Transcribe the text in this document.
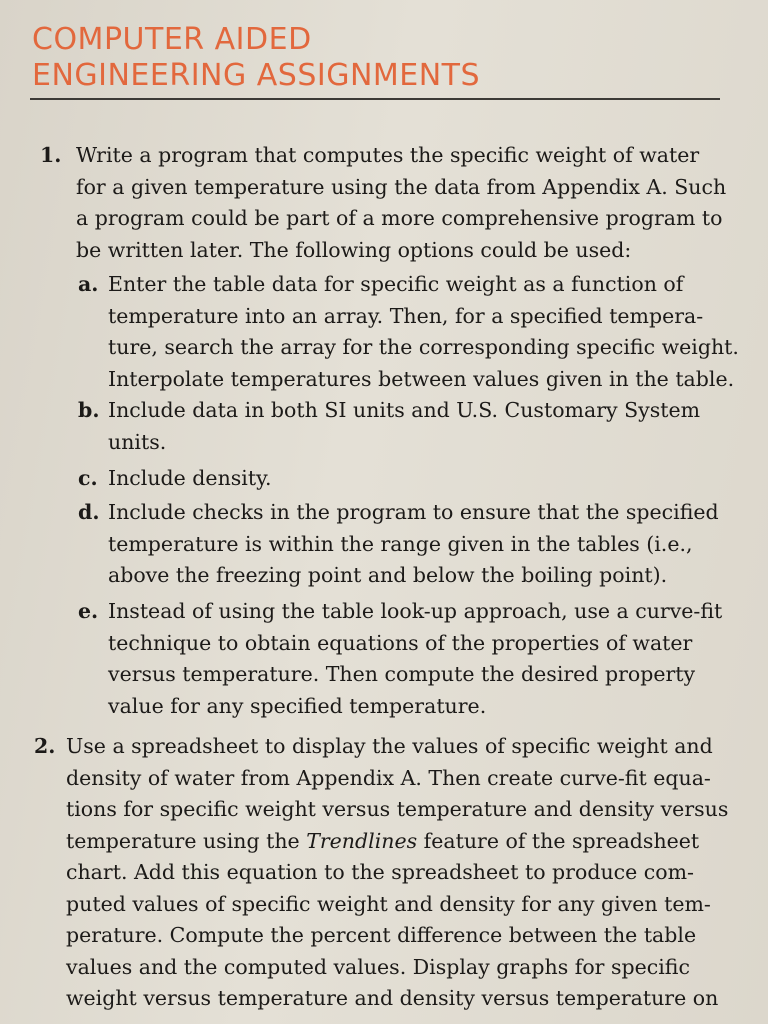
COMPUTER AIDED
ENGINEERING ASSIGNMENTS
1. Write a program that computes the specific weight of water
for a given temperature using the data from Appendix A. Such
a program could be part of a more comprehensive program to
be written later. The following options could be used:
a. Enter the table data for specific weight as a function of
temperature into an array. Then, for a specified tempera-
ture, search the array for the corresponding specific weight.
Interpolate temperatures between values given in the table.
b. Include data in both SI units and U.S. Customary System
units.
c. Include density.
d. Include checks in the program to ensure that the specified
temperature is within the range given in the tables (i.e.,
above the freezing point and below the boiling point).
e. Instead of using the table look-up approach, use a curve-fit
technique to obtain equations of the properties of water
versus temperature. Then compute the desired property
value for any specified temperature.
2. Use a spreadsheet to display the values of specific weight and
density of water from Appendix A. Then create curve-fit equa-
tions for specific weight versus temperature and density versus
temperature using the Trendlines feature of the spreadsheet
chart. Add this equation to the spreadsheet to produce com-
puted values of specific weight and density for any given tem-
perature. Compute the percent difference between the table
values and the computed values. Display graphs for specific
weight versus temperature and density versus temperature on
